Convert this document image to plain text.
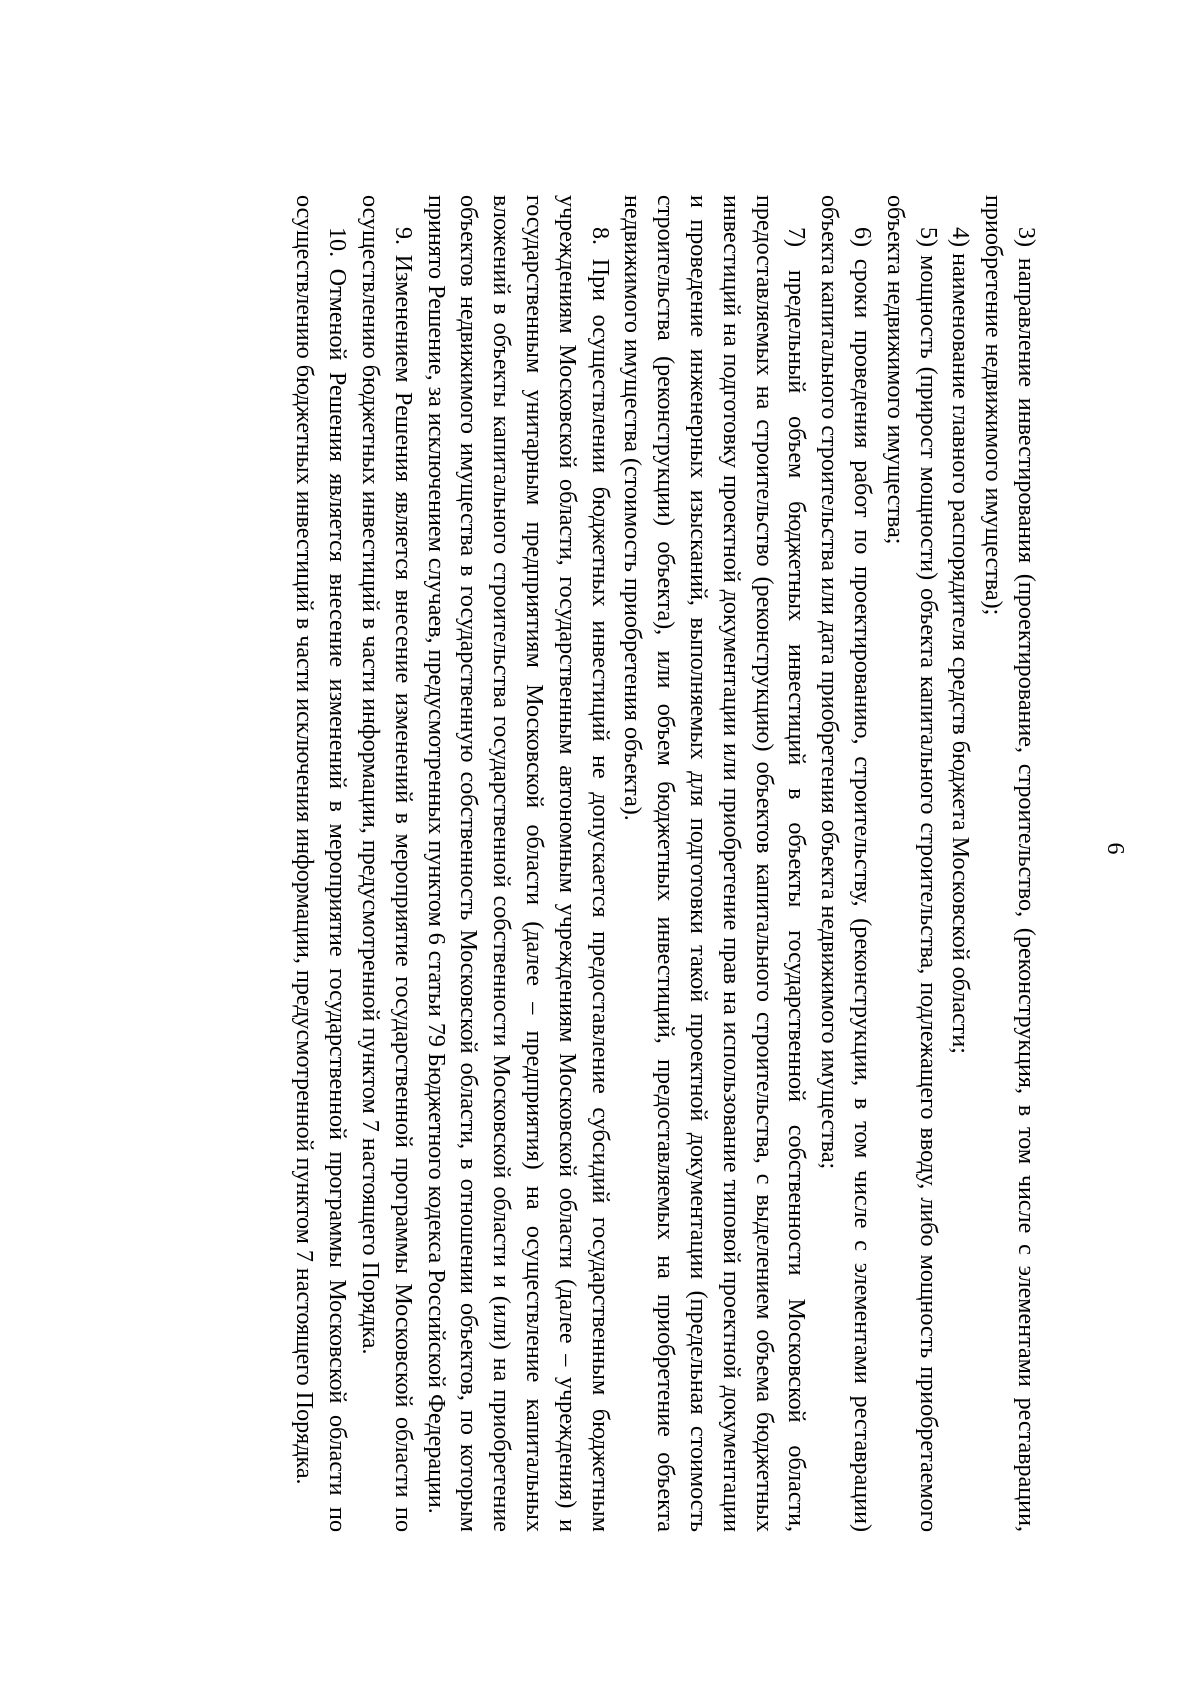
6

3) направление инвестирования (проектирование, строительство, (реконструкция, в том числе с элементами реставрации, приобретение недвижимого имущества);

4) наименование главного распорядителя средств бюджета Московской области;

5) мощность (прирост мощности) объекта капитального строительства, подлежащего вводу, либо мощность приобретаемого объекта недвижимого имущества;

6) сроки проведения работ по проектированию, строительству, (реконструкции, в том числе с элементами реставрации) объекта капитального строительства или дата приобретения объекта недвижимого имущества;

7) предельный объем бюджетных инвестиций в объекты государственной собственности Московской области, предоставляемых на строительство (реконструкцию) объектов капитального строительства, с выделением объема бюджетных инвестиций на подготовку проектной документации или приобретение прав на использование типовой проектной документации и проведение инженерных изысканий, выполняемых для подготовки такой проектной документации (предельная стоимость строительства (реконструкции) объекта), или объем бюджетных инвестиций, предоставляемых на приобретение объекта недвижимого имущества (стоимость приобретения объекта).

8. При осуществлении бюджетных инвестиций не допускается предоставление субсидий государственным бюджетным учреждениям Московской области, государственным автономным учреждениям Московской области (далее – учреждения) и государственным унитарным предприятиям Московской области (далее – предприятия) на осуществление капитальных вложений в объекты капитального строительства государственной собственности Московской области и (или) на приобретение объектов недвижимого имущества в государственную собственность Московской области, в отношении объектов, по которым принято Решение, за исключением случаев, предусмотренных пунктом 6 статьи 79 Бюджетного кодекса Российской Федерации.

9. Изменением Решения является внесение изменений в мероприятие государственной программы Московской области по осуществлению бюджетных инвестиций в части информации, предусмотренной пунктом 7 настоящего Порядка.

10. Отменой Решения является внесение изменений в мероприятие государственной программы Московской области по осуществлению бюджетных инвестиций в части исключения информации, предусмотренной пунктом 7 настоящего Порядка.
